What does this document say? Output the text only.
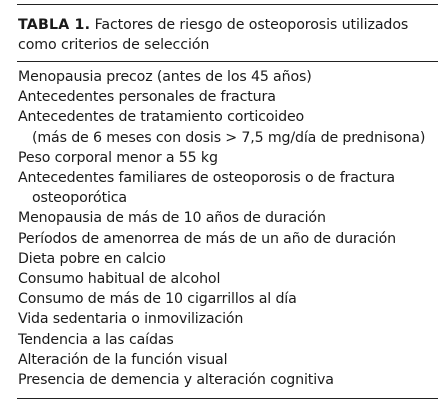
TABLA 1. Factores de riesgo de osteoporosis utilizados como criterios de selección
Menopausia precoz (antes de los 45 años)
Antecedentes personales de fractura
Antecedentes de tratamiento corticoideo
(más de 6 meses con dosis > 7,5 mg/día de prednisona)
Peso corporal menor a 55 kg
Antecedentes familiares de osteoporosis o de fractura
osteoporótica
Menopausia de más de 10 años de duración
Períodos de amenorrea de más de un año de duración
Dieta pobre en calcio
Consumo habitual de alcohol
Consumo de más de 10 cigarrillos al día
Vida sedentaria o inmovilización
Tendencia a las caídas
Alteración de la función visual
Presencia de demencia y alteración cognitiva
